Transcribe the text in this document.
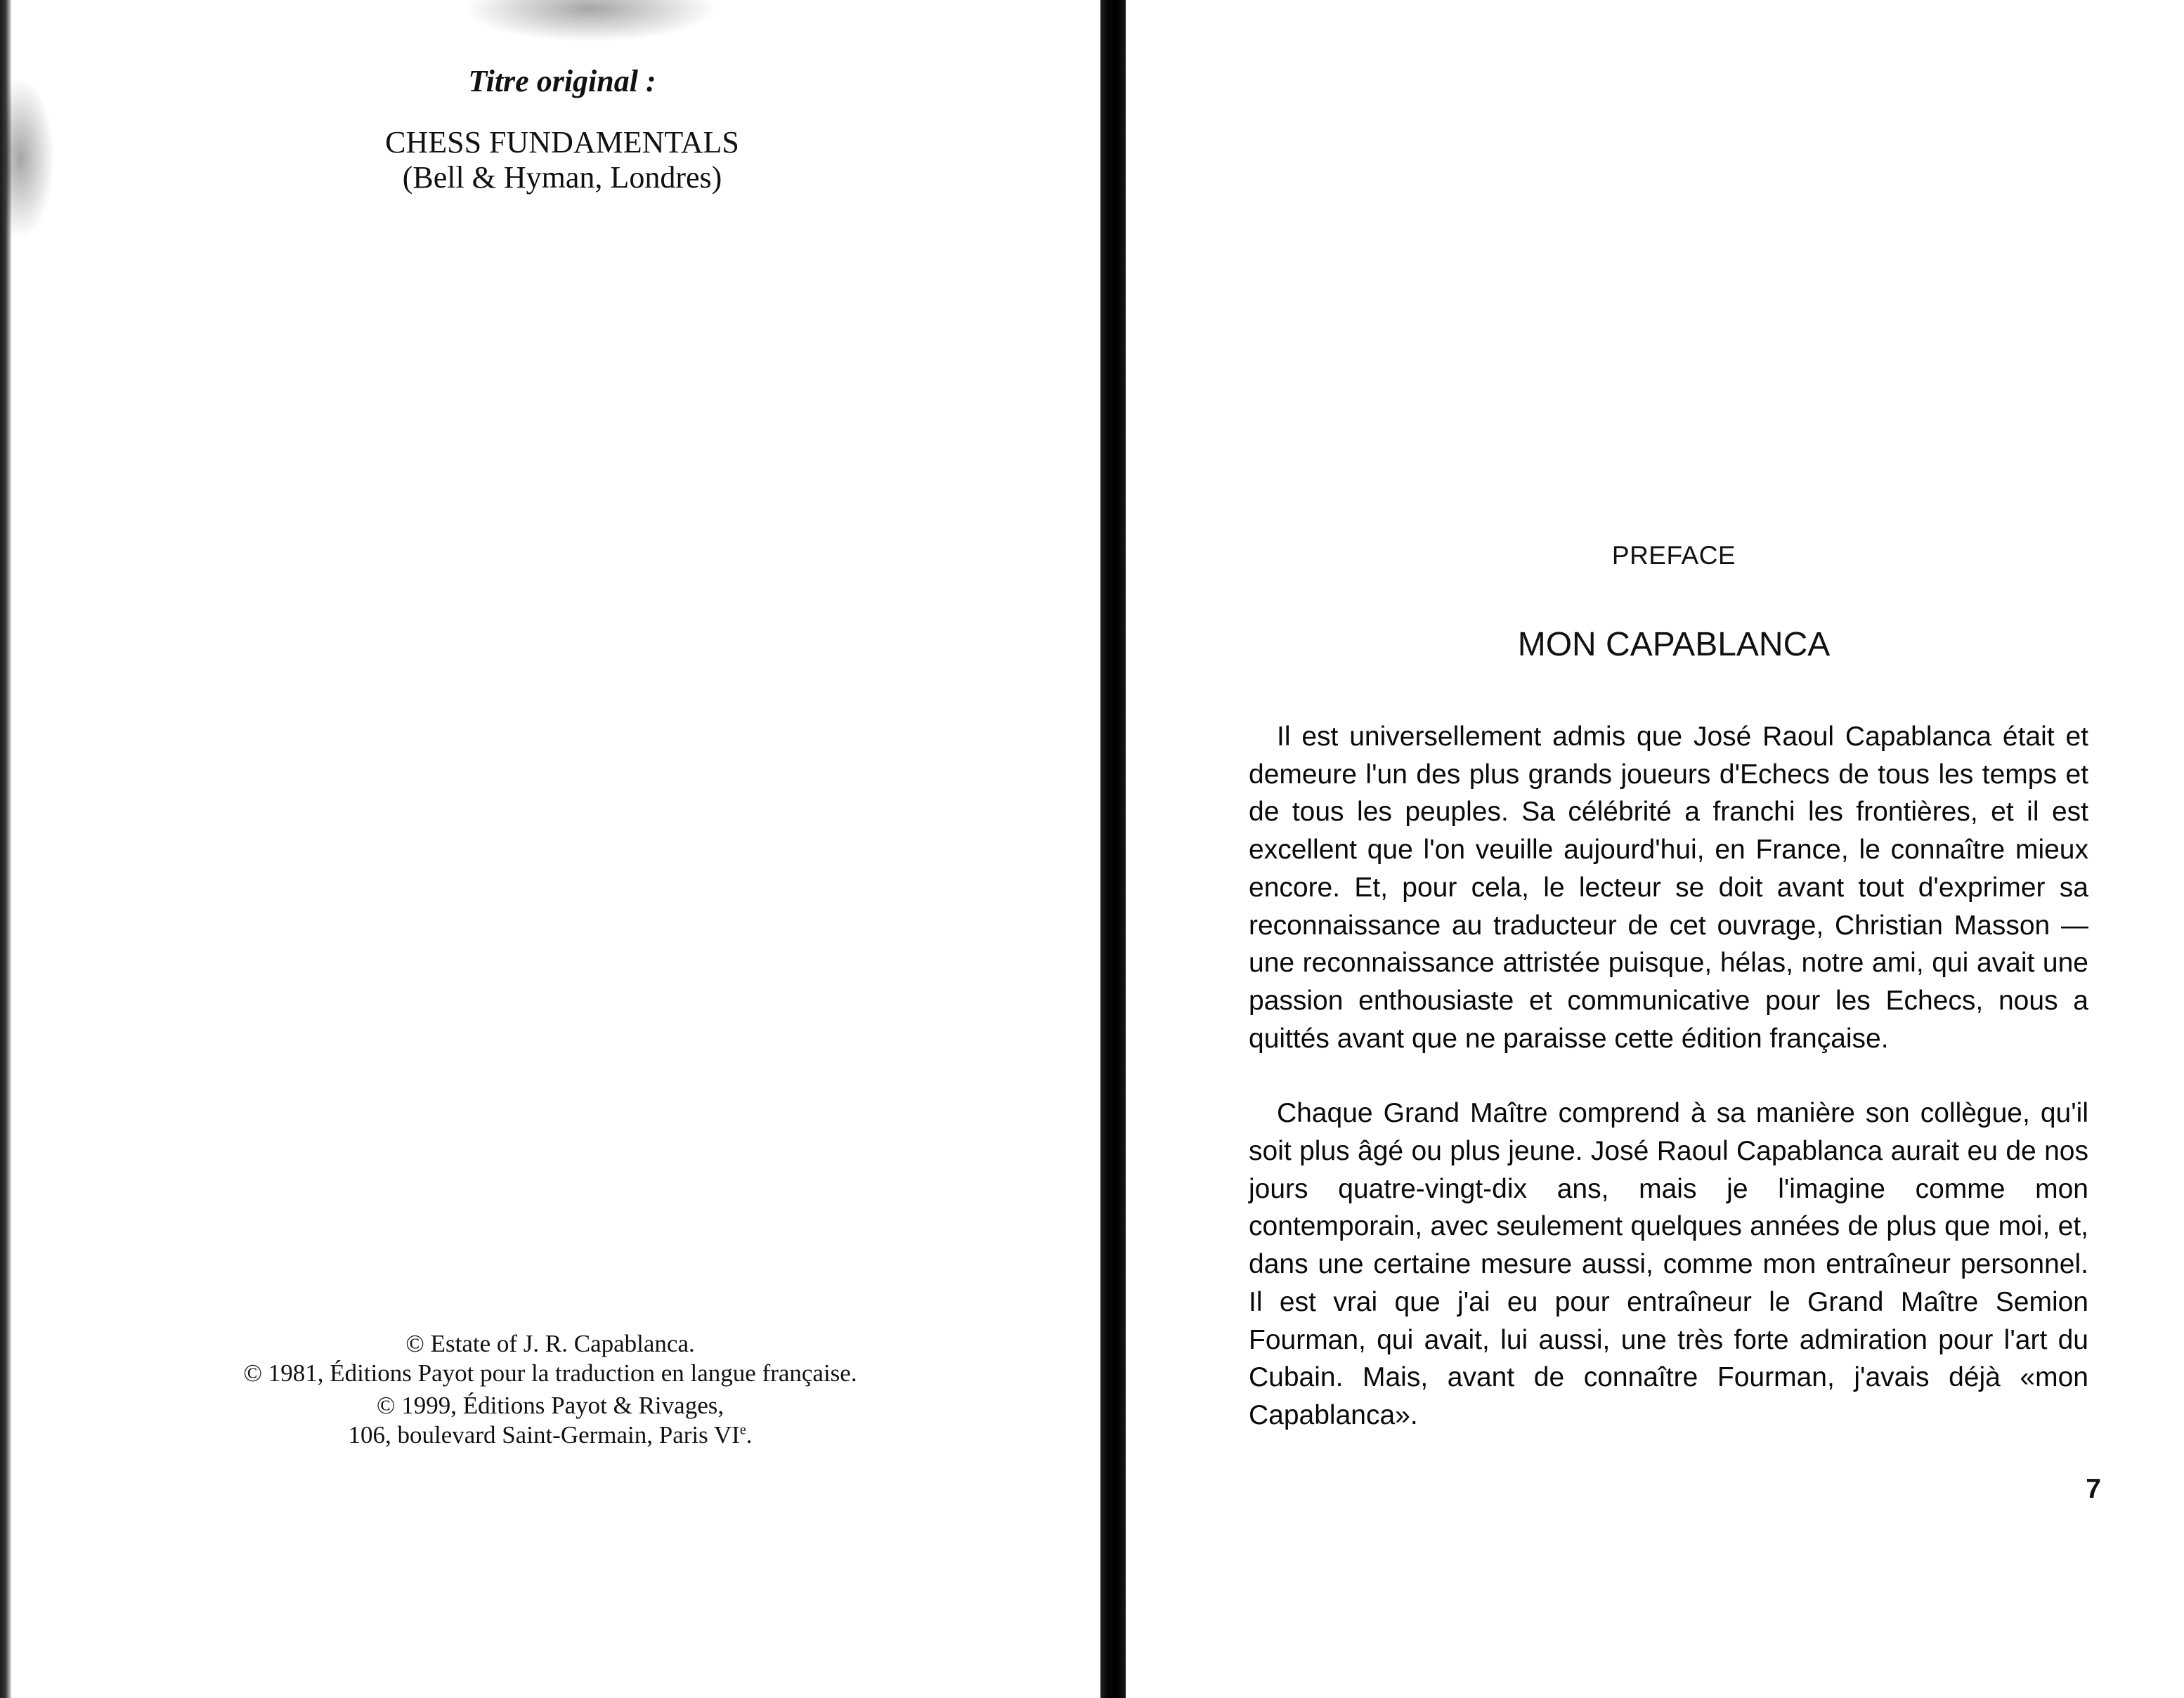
Titre original :
CHESS FUNDAMENTALS
(Bell & Hyman, Londres)
© Estate of J. R. Capablanca.
© 1981, Éditions Payot pour la traduction en langue française.
© 1999, Éditions Payot & Rivages,
106, boulevard Saint-Germain, Paris VIe.
PREFACE
MON CAPABLANCA

Il est universellement admis que José Raoul Capablanca était et demeure l'un des plus grands joueurs d'Echecs de tous les temps et de tous les peuples. Sa célébrité a franchi les frontières, et il est excellent que l'on veuille aujourd'hui, en France, le connaître mieux encore. Et, pour cela, le lecteur se doit avant tout d'exprimer sa reconnaissance au traducteur de cet ouvrage, Christian Masson — une reconnaissance attristée puisque, hélas, notre ami, qui avait une passion enthousiaste et communicative pour les Echecs, nous a quittés avant que ne paraisse cette édition française.

Chaque Grand Maître comprend à sa manière son collègue, qu'il soit plus âgé ou plus jeune. José Raoul Capablanca aurait eu de nos jours quatre-vingt-dix ans, mais je l'imagine comme mon contemporain, avec seulement quelques années de plus que moi, et, dans une certaine mesure aussi, comme mon entraîneur personnel. Il est vrai que j'ai eu pour entraîneur le Grand Maître Semion Fourman, qui avait, lui aussi, une très forte admiration pour l'art du Cubain. Mais, avant de connaître Fourman, j'avais déjà «mon Capablanca».

7
